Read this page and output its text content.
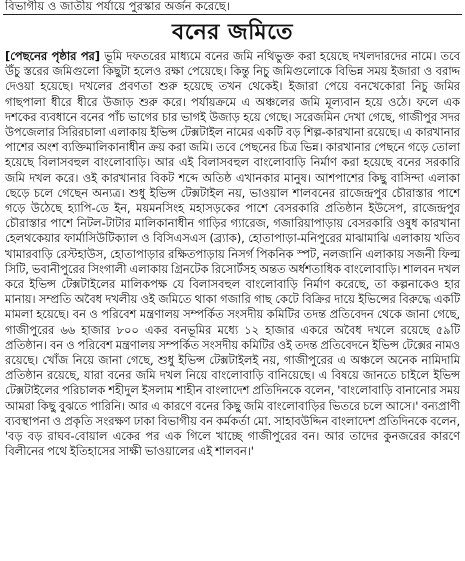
বিভাগীয় ও জাতীয় পর্যায়ে পুরস্কার অর্জন করেছে।
বনের জমিতে
[পেছনের পৃষ্ঠার পর] ভূমি দফতরের মাধ্যমে বনের জমি নথিভুক্ত করা হয়েছে দখলদারদের নামে। তবে উঁচু স্তরের জমিগুলো কিছুটা হলেও রক্ষা পেয়েছে। কিন্তু নিচু জমিগুলোকে বিভিন্ন সময় ইজারা ও বরাদ্দ দেওয়া হয়েছে। দখলের প্রবণতা শুরু হয়েছে তখন থেকেই। ইজারা পেয়ে বনখেকোরা নিচু জমির গাছপালা ধীরে ধীরে উজাড় শুরু করে। পর্যায়ক্রমে এ অঞ্চলের জমি মূল্যবান হয়ে ওঠে। ফলে এক দশকের ব্যবধানে বনের পাঁচ ভাগের চার ভাগই উজাড় হয়ে গেছে। সরেজমিন দেখা গেছে, গাজীপুর সদর উপজেলার সিরিরচালা এলাকায় ইভিন্স টেক্সটাইল নামের একটি বড় শিল্প-কারখানা রয়েছে। এ কারখানার পাশের অংশ ব্যক্তিমালিকানাধীন ক্রয় করা জমি। তবে পেছনের চিত্র ভিন্ন। কারখানার পেছনে গড়ে তোলা হয়েছে বিলাসবহুল বাংলোবাড়ি। আর এই বিলাসবহুল বাংলোবাড়ি নির্মাণ করা হয়েছে বনের সরকারি জমি দখল করে। ওই কারখানার বিকট শব্দে অতিষ্ঠ এখানকার মানুষ। আশপাশের কিছু বাসিন্দা এলাকা ছেড়ে চলে গেছেন অন্যত্র। শুধু ইভিন্স টেক্সটাইল নয়, ভাওয়াল শালবনের রাজেন্দ্রপুর চৌরাস্তার পাশে গড়ে উঠেছে হ্যাপি-ডে ইন, ময়মনসিংহ মহাসড়কের পাশে বেসরকারি প্রতিষ্ঠান ইউসেপ, রাজেন্দ্রপুর চৌরাস্তার পাশে নিটল-টাটার মালিকানাধীন গাড়ির গ্যারেজ, গজারিয়াপাড়ায় বেসরকারি ওষুধ কারখানা হেলথকেয়ার ফার্মাসিউটিক্যাল ও বিসিএসএস (ব্র্যাক), হোতাপাড়া-মনিপুরের মাঝামাঝি এলাকায় খতিব খামারবাড়ি রেস্টহাউস, হোতাপাড়ার রক্ষিতপাড়ায় নিসর্গ পিকনিক স্পট, নলজানি এলাকায় সজনী ফিল্ম সিটি, ভবানীপুরের সিংগালী এলাকায় গ্রিনটেক রিসোর্টসহ অন্তত অর্ধশতাধিক বাংলোবাড়ি। শালবন দখল করে ইভিন্স টেক্সটাইলের মালিকপক্ষ যে বিলাসবহুল বাংলোবাড়ি নির্মাণ করেছে, তা কল্পনাকেও হার মানায়। সম্প্রতি অবৈধ দখলীয় ওই জমিতে থাকা গজারি গাছ কেটে বিক্রির দায়ে ইভিন্সের বিরুদ্ধে একটি মামলা হয়েছে। বন ও পরিবেশ মন্ত্রণালয় সম্পর্কিত সংসদীয় কমিটির তদন্ত প্রতিবেদন থেকে জানা গেছে, গাজীপুরের ৬৬ হাজার ৮০০ একর বনভূমির মধ্যে ১২ হাজার একরে অবৈধ দখলে রয়েছে ৫৯টি প্রতিষ্ঠান। বন ও পরিবেশ মন্ত্রণালয় সম্পর্কিত সংসদীয় কমিটির ওই তদন্ত প্রতিবেদনে ইভিন্স টেক্সের নামও রয়েছে। খোঁজ নিয়ে জানা গেছে, শুধু ইভিন্স টেক্সটাইলই নয়, গাজীপুরের এ অঞ্চলে অনেক নামিদামি প্রতিষ্ঠান রয়েছে, যারা বনের জমি দখল নিয়ে বাংলোবাড়ি বানিয়েছে। এ বিষয়ে জানতে চাইলে ইভিন্স টেক্সটাইলের পরিচালক শহীদুল ইসলাম শাহীন বাংলাদেশ প্রতিদিনকে বলেন, 'বাংলোবাড়ি বানানোর সময় আমরা কিছু বুঝতে পারিনি। আর এ কারণে বনের কিছু জমি বাংলোবাড়ির ভিতরে চলে আসে।' বন্যপ্রাণী ব্যবস্থাপনা ও প্রকৃতি সংরক্ষণ ঢাকা বিভাগীয় বন কর্মকর্তা মো. সাহাবউদ্দিন বাংলাদেশ প্রতিদিনকে বলেন, 'বড় বড় রাঘব-বোয়াল একের পর এক গিলে খাচ্ছে গাজীপুরের বন। আর তাদের কুনজরের কারণে বিলীনের পথে ইতিহাসের সাক্ষী ভাওয়ালের এই শালবন।'
